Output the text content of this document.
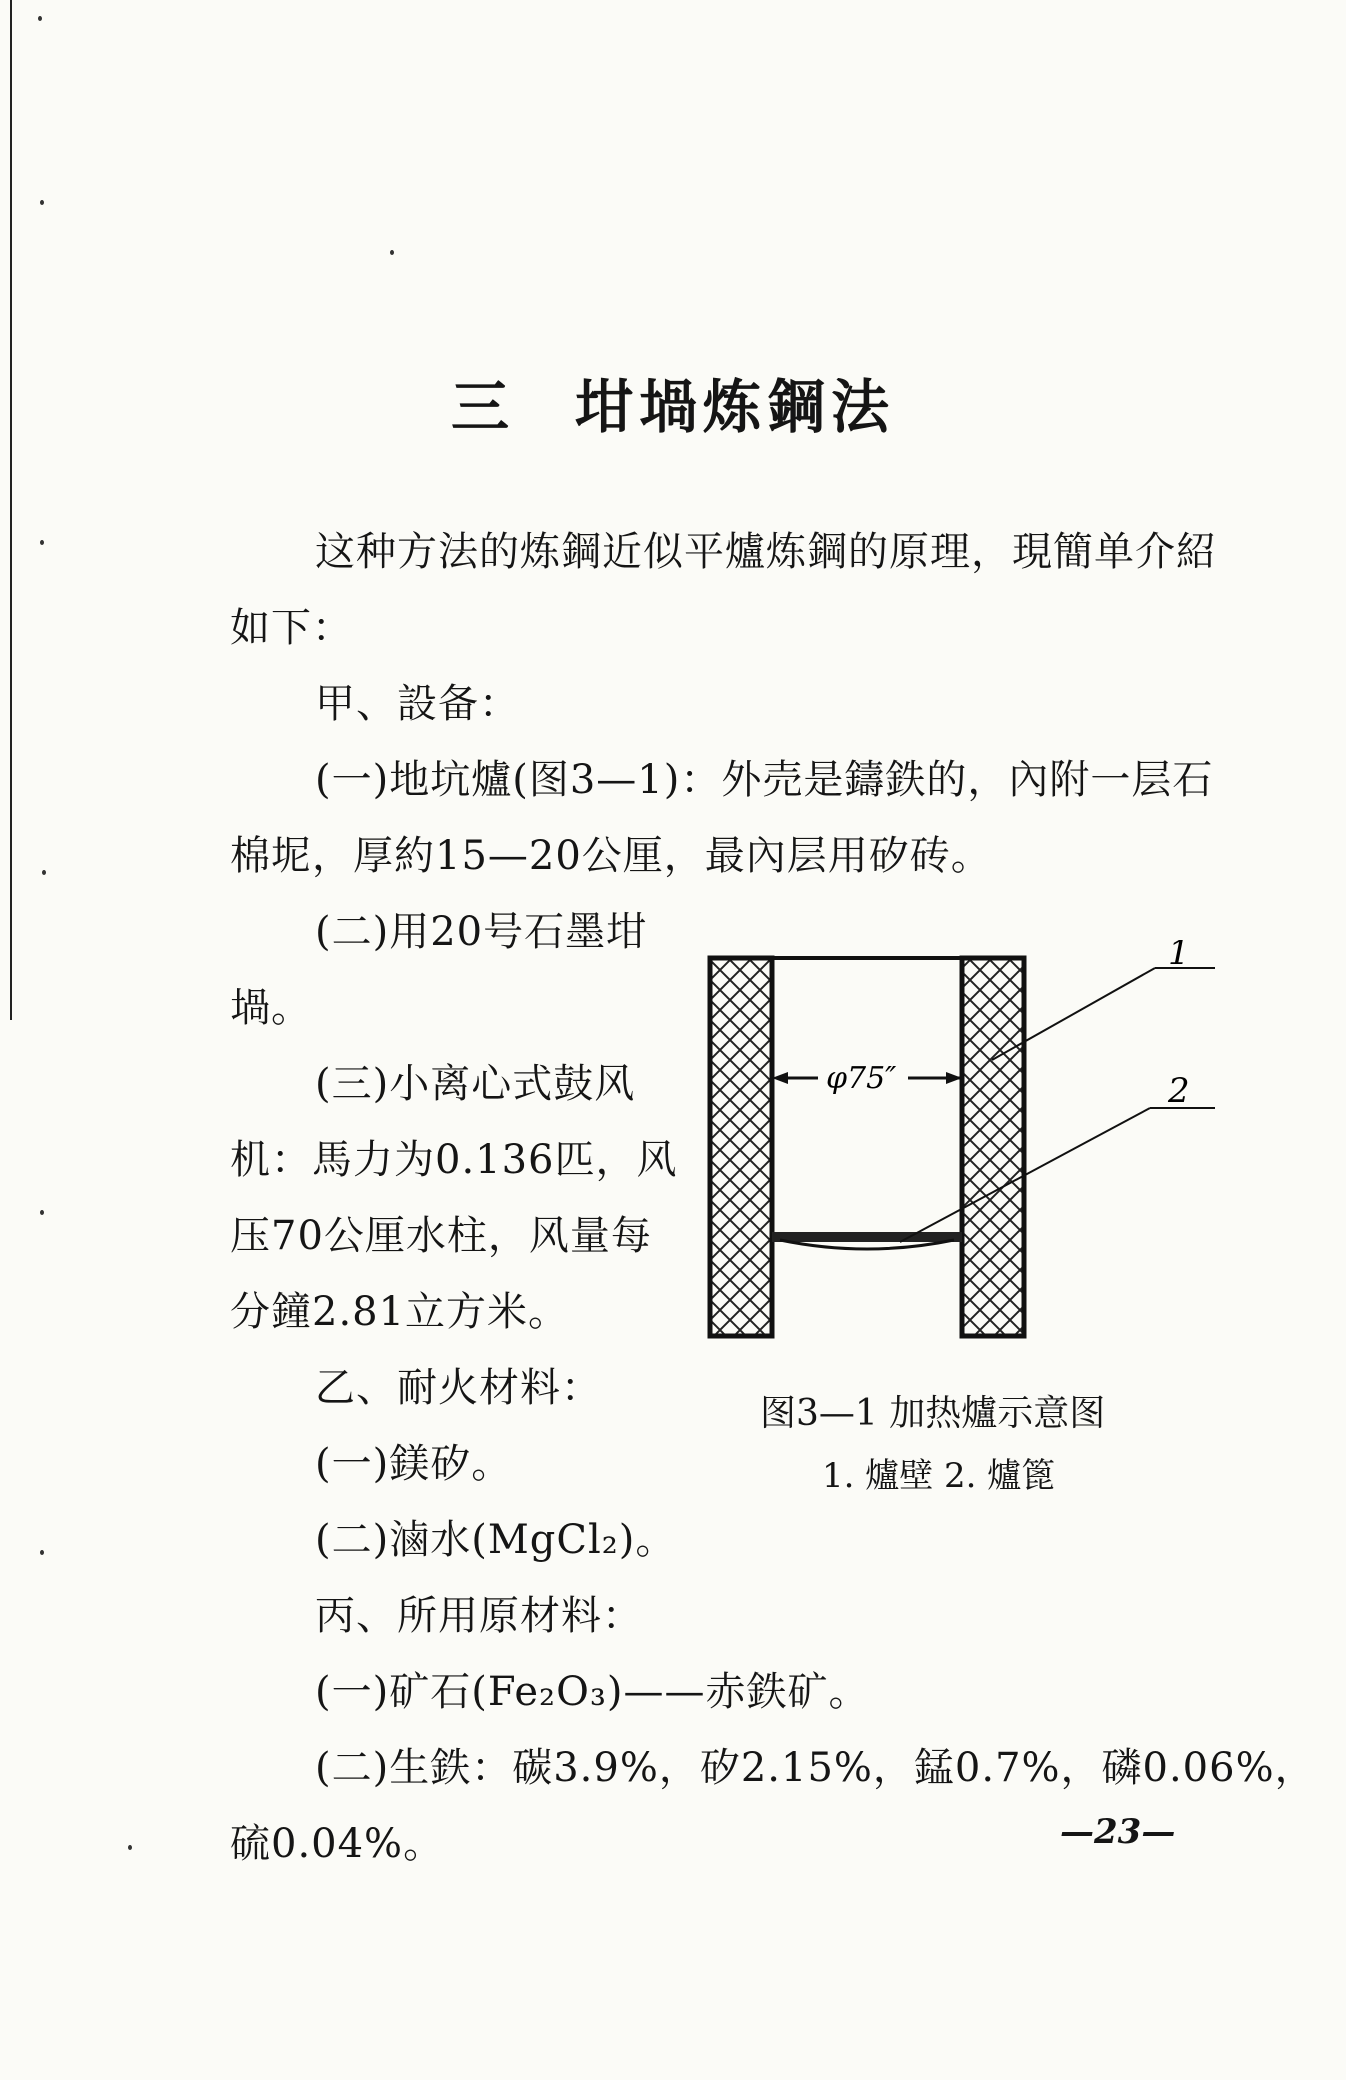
三 坩堝炼鋼法
这种方法的炼鋼近似平爐炼鋼的原理，現簡单介紹
如下：
甲、設备：
(一)地坑爐(图3—1)：外売是鑄鉄的，內附一层石
棉坭，厚約15—20公厘，最內层用矽砖。
(二)用20号石墨坩
堝。
(三)小离心式鼓风
机：馬力为0.136匹，风
压70公厘水柱，风量每
分鐘2.81立方米。
乙、耐火材料：
(一)鎂矽。
(二)滷水(MgCl₂)。
丙、所用原材料：
(一)矿石(Fe₂O₃)——赤鉄矿。
(二)生鉄：碳3.9%，矽2.15%，錳0.7%，磷0.06%，
硫0.04%。
φ75″
1
2
图3—1 加热爐示意图
1. 爐壁 2. 爐篦
—23—
